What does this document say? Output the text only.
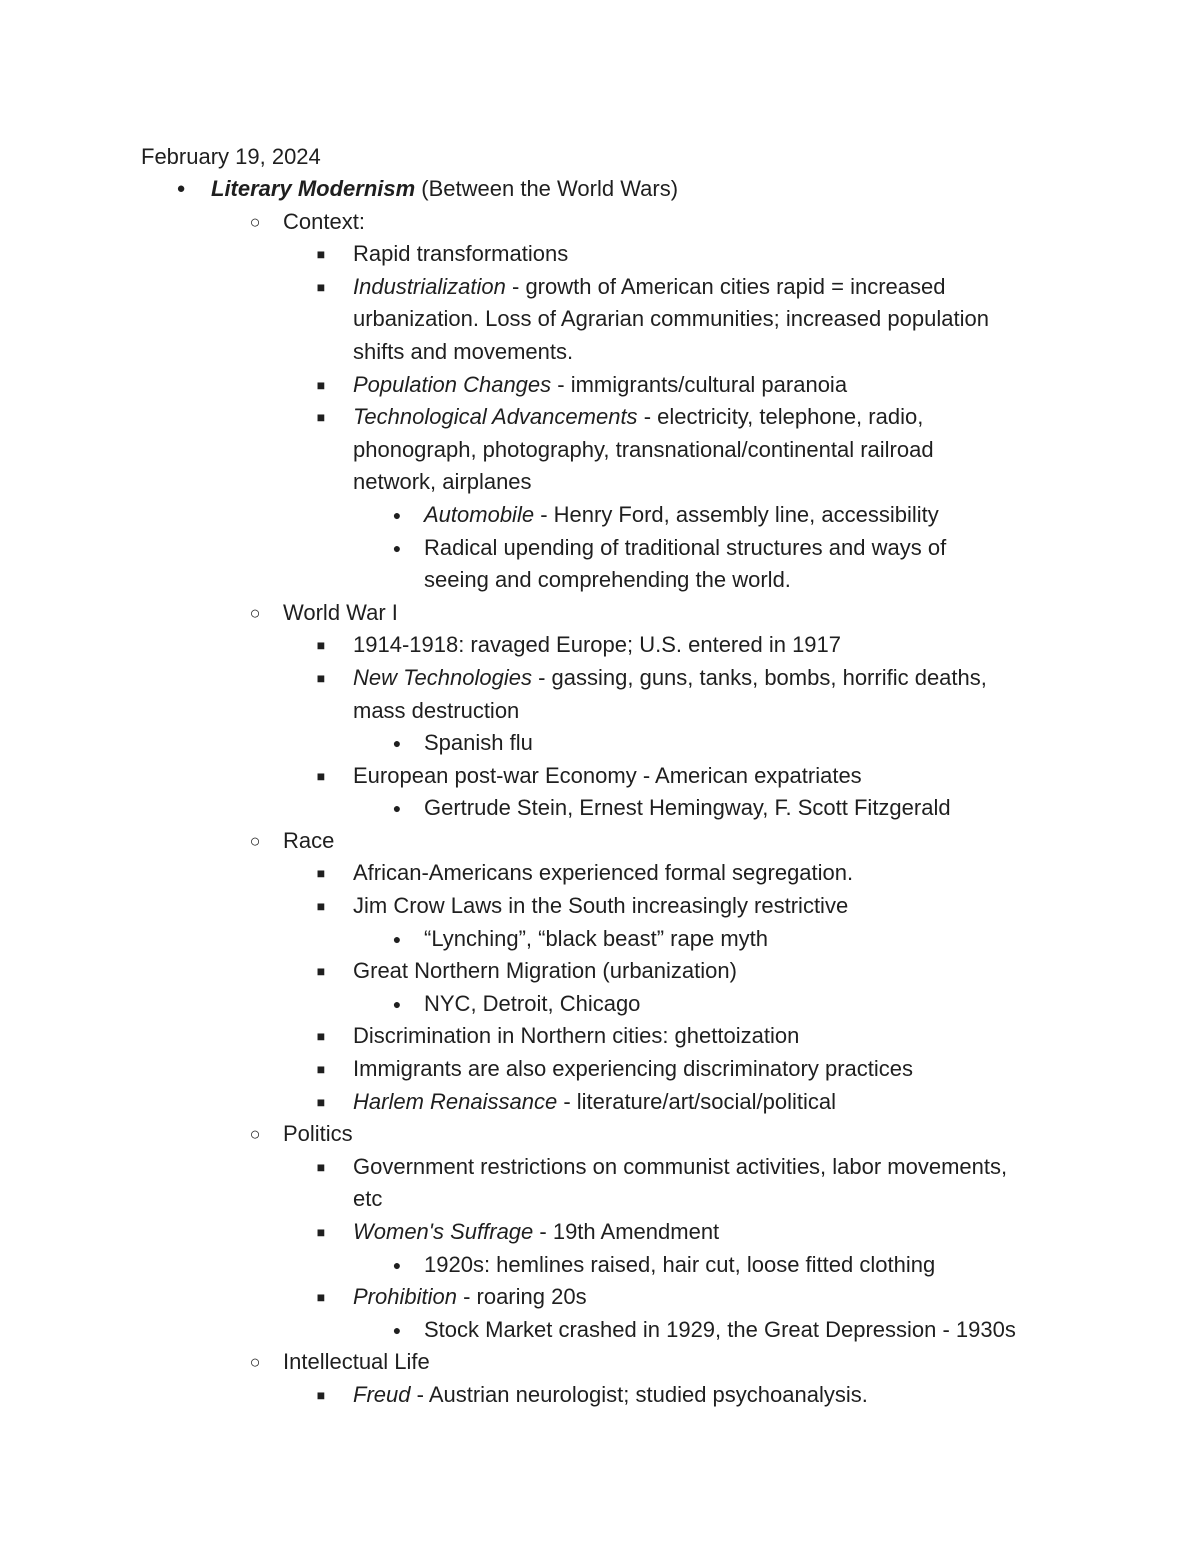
February 19, 2024
●	Literary Modernism (Between the World Wars)
○	Context:
■	Rapid transformations
■	Industrialization - growth of American cities rapid = increased
urbanization. Loss of Agrarian communities; increased population
shifts and movements.
■	Population Changes - immigrants/cultural paranoia
■	Technological Advancements - electricity, telephone, radio,
phonograph, photography, transnational/continental railroad
network, airplanes
●	Automobile - Henry Ford, assembly line, accessibility
●	Radical upending of traditional structures and ways of
seeing and comprehending the world.
○	World War I
■	1914-1918: ravaged Europe; U.S. entered in 1917
■	New Technologies - gassing, guns, tanks, bombs, horrific deaths,
mass destruction
●	Spanish flu
■	European post-war Economy - American expatriates
●	Gertrude Stein, Ernest Hemingway, F. Scott Fitzgerald
○	Race
■	African-Americans experienced formal segregation.
■	Jim Crow Laws in the South increasingly restrictive
●	“Lynching”, “black beast” rape myth
■	Great Northern Migration (urbanization)
●	NYC, Detroit, Chicago
■	Discrimination in Northern cities: ghettoization
■	Immigrants are also experiencing discriminatory practices
■	Harlem Renaissance - literature/art/social/political
○	Politics
■	Government restrictions on communist activities, labor movements,
etc
■	Women's Suffrage - 19th Amendment
●	1920s: hemlines raised, hair cut, loose fitted clothing
■	Prohibition - roaring 20s
●	Stock Market crashed in 1929, the Great Depression - 1930s
○	Intellectual Life
■	Freud - Austrian neurologist; studied psychoanalysis.
